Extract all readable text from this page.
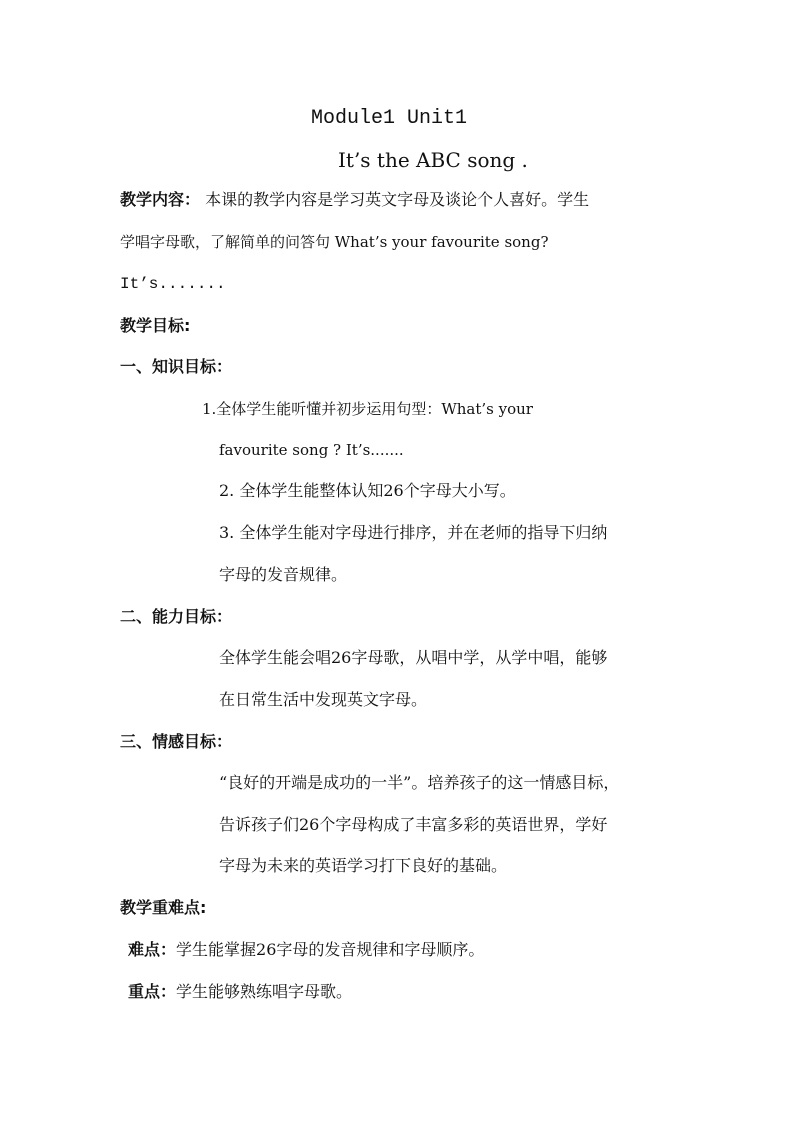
Module1 Unit1
It’s the ABC song .
教学内容： 本课的教学内容是学习英文字母及谈论个人喜好。学生
学唱字母歌，了解简单的问答句 What’s your favourite song?
It’s.......
教学目标:
一、知识目标：
1.全体学生能听懂并初步运用句型：What’s your
favourite song ? It’s.......
2. 全体学生能整体认知26个字母大小写。
3. 全体学生能对字母进行排序，并在老师的指导下归纳
字母的发音规律。
二、能力目标：
全体学生能会唱26字母歌，从唱中学，从学中唱，能够
在日常生活中发现英文字母。
三、情感目标：
“良好的开端是成功的一半”。培养孩子的这一情感目标，
告诉孩子们26个字母构成了丰富多彩的英语世界，学好
字母为未来的英语学习打下良好的基础。
教学重难点:
难点：学生能掌握26字母的发音规律和字母顺序。
重点：学生能够熟练唱字母歌。
